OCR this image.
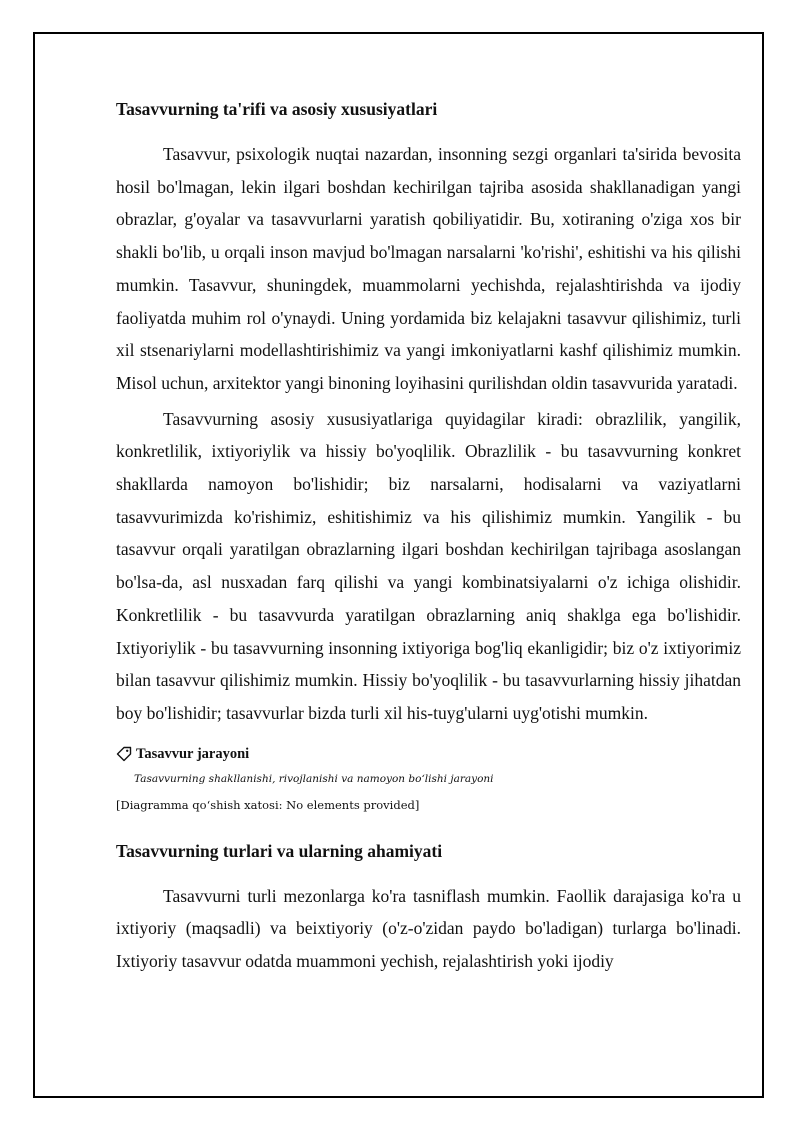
Tasavvurning ta'rifi va asosiy xususiyatlari

Tasavvur, psixologik nuqtai nazardan, insonning sezgi organlari ta'sirida bevosita hosil bo'lmagan, lekin ilgari boshdan kechirilgan tajriba asosida shakllanadigan yangi obrazlar, g'oyalar va tasavvurlarni yaratish qobiliyatidir. Bu, xotiraning o'ziga xos bir shakli bo'lib, u orqali inson mavjud bo'lmagan narsalarni 'ko'rishi', eshitishi va his qilishi mumkin. Tasavvur, shuningdek, muammolarni yechishda, rejalashtirishda va ijodiy faoliyatda muhim rol o'ynaydi. Uning yordamida biz kelajakni tasavvur qilishimiz, turli xil stsenariylarni modellashtirishimiz va yangi imkoniyatlarni kashf qilishimiz mumkin. Misol uchun, arxitektor yangi binoning loyihasini qurilishdan oldin tasavvurida yaratadi.

Tasavvurning asosiy xususiyatlariga quyidagilar kiradi: obrazlilik, yangilik, konkretlilik, ixtiyoriylik va hissiy bo'yoqlilik. Obrazlilik - bu tasavvurning konkret shakllarda namoyon bo'lishidir; biz narsalarni, hodisalarni va vaziyatlarni tasavvurimizda ko'rishimiz, eshitishimiz va his qilishimiz mumkin. Yangilik - bu tasavvur orqali yaratilgan obrazlarning ilgari boshdan kechirilgan tajribaga asoslangan bo'lsa-da, asl nusxadan farq qilishi va yangi kombinatsiyalarni o'z ichiga olishidir. Konkretlilik - bu tasavvurda yaratilgan obrazlarning aniq shaklga ega bo'lishidir. Ixtiyoriylik - bu tasavvurning insonning ixtiyoriga bog'liq ekanligidir; biz o'z ixtiyorimiz bilan tasavvur qilishimiz mumkin. Hissiy bo'yoqlilik - bu tasavvurlarning hissiy jihatdan boy bo'lishidir; tasavvurlar bizda turli xil his-tuyg'ularni uyg'otishi mumkin.

Tasavvur jarayoni
Tasavvurning shakllanishi, rivojlanishi va namoyon bo‘lishi jarayoni
[Diagramma qo‘shish xatosi: No elements provided]
Tasavvurning turlari va ularning ahamiyati

Tasavvurni turli mezonlarga ko'ra tasniflash mumkin. Faollik darajasiga ko'ra u ixtiyoriy (maqsadli) va beixtiyoriy (o'z-o'zidan paydo bo'ladigan) turlarga bo'linadi. Ixtiyoriy tasavvur odatda muammoni yechish, rejalashtirish yoki ijodiy
